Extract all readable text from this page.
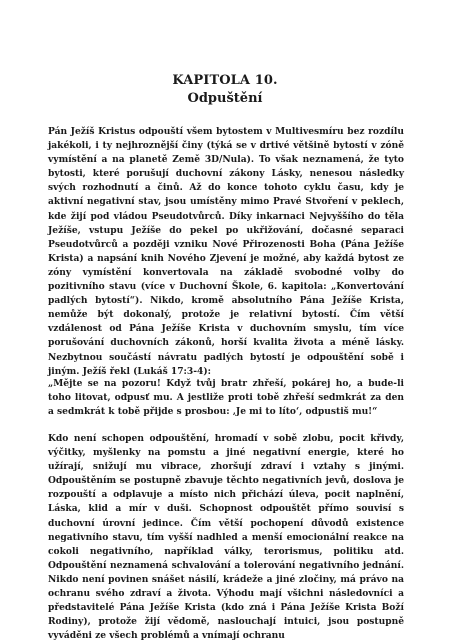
KAPITOLA 10.
Odpuštění

Pán Ježíš Kristus odpouští všem bytostem v Multivesmíru bez rozdílu jakékoli, i ty nejhroznější činy (týká se v drtivé většině bytostí v zóně vymístění a na planetě Země 3D/Nula). To však neznamená, že tyto bytosti, které porušují duchovní zákony Lásky, nenesou následky svých rozhodnutí a činů. Až do konce tohoto cyklu času, kdy je aktivní negativní stav, jsou umístěny mimo Pravé Stvoření v peklech, kde žijí pod vládou Pseudotvůrců. Díky inkarnaci Nejvyššího do těla Ježíše, vstupu Ježíše do pekel po ukřižování, dočasné separaci Pseudotvůrců a později vzniku Nové Přirozenosti Boha (Pána Ježíše Krista) a napsání knih Nového Zjevení je možné, aby každá bytost ze zóny vymístění konvertovala na základě svobodné volby do pozitivního stavu (více v Duchovní Škole, 6. kapitola: „Konvertování padlých bytostí“). Nikdo, kromě absolutního Pána Ježíše Krista, nemůže být dokonalý, protože je relativní bytostí. Čím větší vzdálenost od Pána Ježíše Krista v duchovním smyslu, tím více porušování duchovních zákonů, horší kvalita života a méně lásky. Nezbytnou součástí návratu padlých bytostí je odpouštění sobě i jiným. Ježíš řekl (Lukáš 17:3-4):

„Mějte se na pozoru! Když tvůj bratr zhřeší, pokárej ho, a bude-li toho litovat, odpusť mu. A jestliže proti tobě zhřeší sedmkrát za den a sedmkrát k tobě přijde s prosbou: ‚Je mi to líto‘, odpustiš mu!“

Kdo není schopen odpouštění, hromadí v sobě zlobu, pocit křivdy, výčitky, myšlenky na pomstu a jiné negativní energie, které ho užírají, snižují mu vibrace, zhoršují zdraví i vztahy s jinými. Odpouštěním se postupně zbavuje těchto negativních jevů, doslova je rozpouští a odplavuje a místo nich přichází úleva, pocit naplnění, Láska, klid a mír v duši. Schopnost odpouštět přímo souvisí s duchovní úrovní jedince. Čím větší pochopení důvodů existence negativního stavu, tím vyšší nadhled a menší emocionální reakce na cokoli negativního, například války, terorismus, politiku atd. Odpouštění neznamená schvalování a tolerování negativního jednání. Nikdo není povinen snášet násilí, krádeže a jiné zločiny, má právo na ochranu svého zdraví a života. Výhodu mají všichni následovníci a představitelé Pána Ježíše Krista (kdo zná i Pána Ježíše Krista Boží Rodiny), protože žijí vědomě, naslouchají intuici, jsou postupně vyváděni ze všech problémů a vnímají ochranu
